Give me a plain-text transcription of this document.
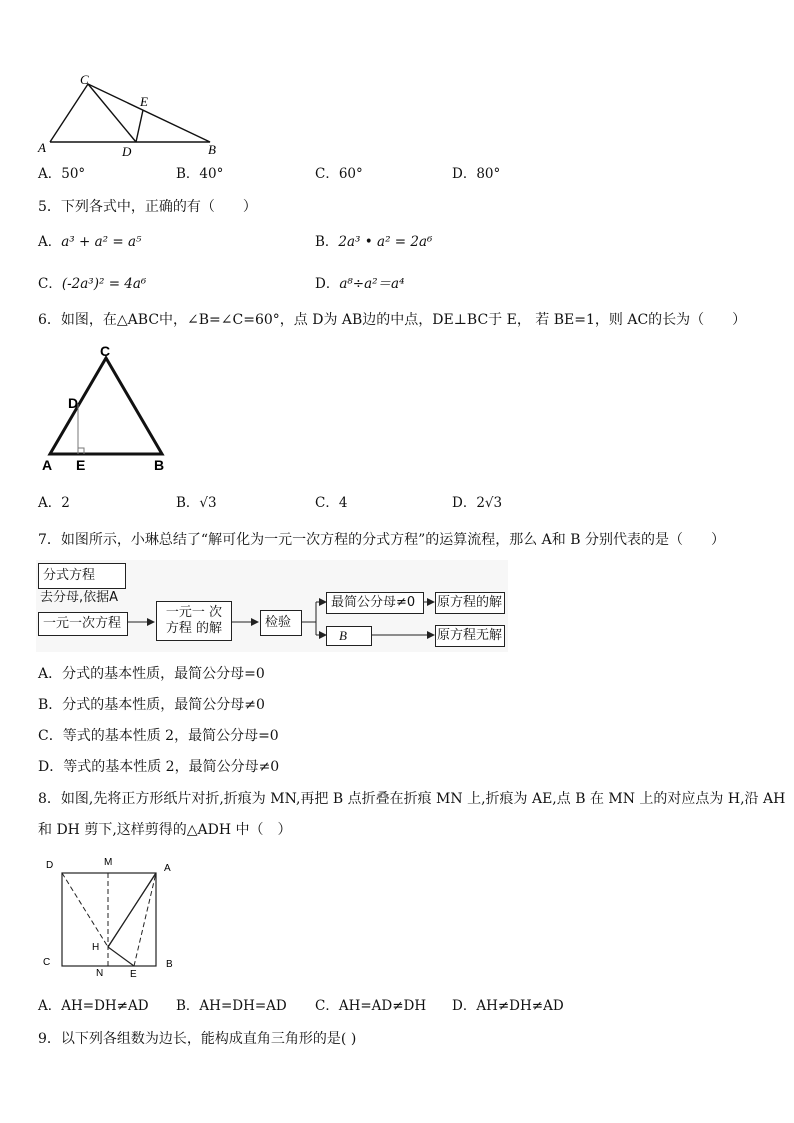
C
E
A	D	B
A．50°	B．40°	C．60°	D．80°
5．下列各式中，正确的有（　　）
A．a³ + a² = a⁵	B．2a³ • a² = 2a⁶
C．(-2a³)² = 4a⁶	D．a⁸÷a²＝a⁴
6．如图，在△ABC中，∠B=∠C=60°，点 D为 AB边的中点，DE⊥BC于 E， 若 BE=1，则 AC的长为（　　）
C
D
A E	B
A．2	B．√3	C．4	D．2√3
7．如图所示，小琳总结了“解可化为一元一次方程的分式方程”的运算流程，那么 A和 B 分别代表的是（　　）
分式方程
去分母,依据A
一元一次方程
一元一 次
方程 的解	检验
最简公分母≠0
B
原方程的解
原方程无解
A．分式的基本性质，最简公分母=0
B．分式的基本性质，最简公分母≠0
C．等式的基本性质 2，最简公分母=0
D．等式的基本性质 2，最简公分母≠0
8．如图,先将正方形纸片对折,折痕为 MN,再把 B 点折叠在折痕 MN 上,折痕为 AE,点 B 在 MN 上的对应点为 H,沿 AH
和 DH 剪下,这样剪得的△ADH 中（　）
D	M
A
H
C
N	E
B
A．AH=DH≠AD B．AH=DH=AD C．AH=AD≠DH D．AH≠DH≠AD
9．以下列各组数为边长，能构成直角三角形的是( )
